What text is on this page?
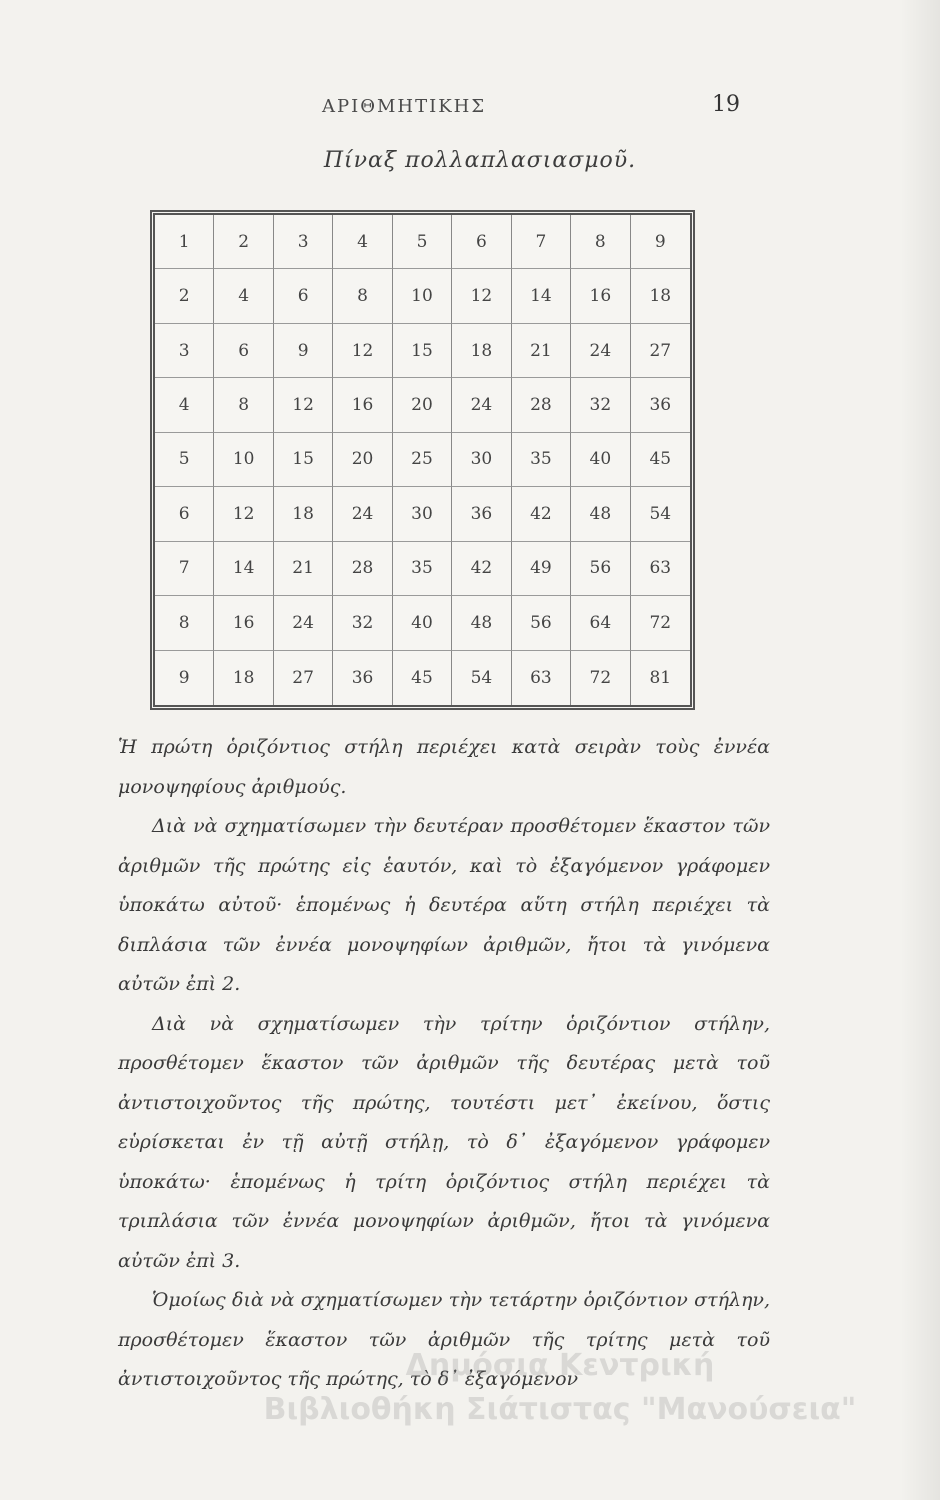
ΑΡΙΘΜΗΤΙΚΗΣ	19
Πίναξ πολλαπλασιασμοῦ.
1	2	3	4	5	6	7	8	9
2	4	6	8	10	12	14	16	18
3	6	9	12	15	18	21	24	27
4	8	12	16	20	24	28	32	36
5	10	15	20	25	30	35	40	45
6	12	18	24	30	36	42	48	54
7	14	21	28	35	42	49	56	63
8	16	24	32	40	48	56	64	72
9	18	27	36	45	54	63	72	81

Ἡ πρώτη ὁριζόντιος στήλη περιέχει κατὰ σειρὰν τοὺς ἐννέα μονοψηφίους ἀριθμούς.

Διὰ νὰ σχηματίσωμεν τὴν δευτέραν προσθέτομεν ἕκαστον τῶν ἀριθμῶν τῆς πρώτης εἰς ἑαυτόν, καὶ τὸ ἐξαγόμενον γράφομεν ὑποκάτω αὐτοῦ· ἑπομένως ἡ δευτέρα αὕτη στήλη περιέχει τὰ διπλάσια τῶν ἐννέα μονοψηφίων ἀριθμῶν, ἤτοι τὰ γινόμενα αὐτῶν ἐπὶ 2.

Διὰ νὰ σχηματίσωμεν τὴν τρίτην ὁριζόντιον στήλην, προσθέτομεν ἕκαστον τῶν ἀριθμῶν τῆς δευτέρας μετὰ τοῦ ἀντιστοιχοῦντος τῆς πρώτης, τουτέστι μετ᾽ ἐκείνου, ὅστις εὑρίσκεται ἐν τῇ αὐτῇ στήλῃ, τὸ δ᾽ ἐξαγόμενον γράφομεν ὑποκάτω· ἑπομένως ἡ τρίτη ὁριζόντιος στήλη περιέχει τὰ τριπλάσια τῶν ἐννέα μονοψηφίων ἀριθμῶν, ἤτοι τὰ γινόμενα αὐτῶν ἐπὶ 3.

Ὁμοίως διὰ νὰ σχηματίσωμεν τὴν τετάρτην ὁριζόντιον στήλην, προσθέτομεν ἕκαστον τῶν ἀριθμῶν τῆς τρίτης μετὰ τοῦ ἀντιστοιχοῦντος τῆς πρώτης, τὸ δ᾽ ἐξαγόμενον

Δημόσια Κεντρική
Βιβλιοθήκη Σιάτιστας "Μανούσεια"
